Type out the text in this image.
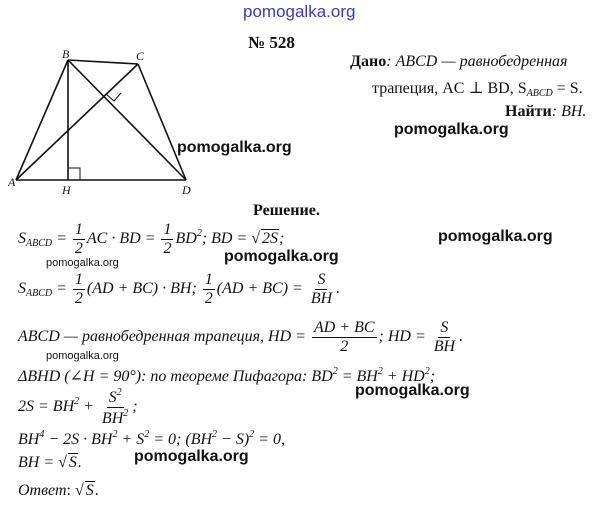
pomogalka.org
№ 528
B	C
A
D
H
Дано: ABCD — равнобедренная
трапеция, AC ⊥ BD, $S_{ABCD} = S$.
Найти: BH.
pomogalka.org
pomogalka.org
Решение.
$S_{ABCD} = \frac{1}{2}$ AC · BD = $\frac{1}{2} BD^2$; BD = √ 2S;	pomogalka.org
pomogalka.org
pomogalka.org
$S_{ABCD} = \frac{1}{2} (AD + BC)$ · BH; $\frac{1}{2} (AD + BC) = \frac{S}{BH}$ .
ABCD — равнобедренная трапеция, HD = $\frac{AD + BC}{2}$ ; HD = $\frac{S}{BH}$ .
pomogalka.org
ΔBHD (∠H = 90°): по теореме Пифагора: $BD^2 = BH^2 + HD^2$;
pomogalka.org
$2S = BH^2 + \frac{S^2}{BH^2}$ ;
$BH^4 - 2S \cdot BH^2 + S^2 = 0$; $(BH^2 - S)^2 = 0$,
pomogalka.org
BH = √ S.
Ответ: √ S.
